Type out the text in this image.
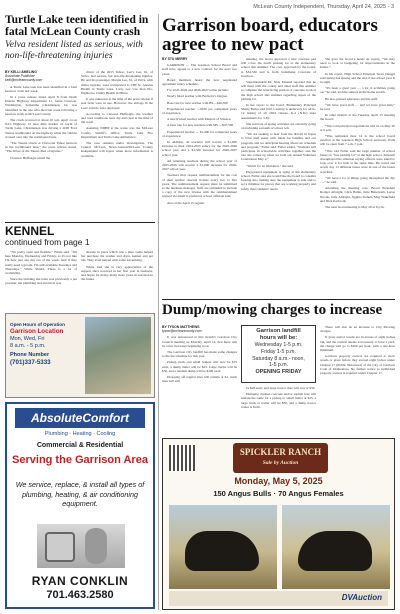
McLean County Independent, Thursday, April 24, 2025 - 3
Turtle Lake teen identified in fatal McLean County crash
Velva resident listed as serious, with non-life-threatening injuries
BY KELLI AMELING
Associate Publisher
kelli@mcleancounty.com

A Turtle Lake teen has been identified in a fatal head-on crash last week.

In a press release dated April 8 from North Dakota Highway Department Lt. Jenna Clawson, Washington, Samantha Christiansen, 19, was identified as the one who died last week following a head-on crash in McLean County.

The crash occurred at about 10 a.m. April 14 on N.D. Highway 41 near mile marker 41 north of Turtle Lake. Christiansen was driving a 2005 Ford Taurus southbound on the highway when the vehicle crossed over into the northbound lane.

“The Taurus struck at Chevrolet Tahoe head-on in the northbound lane,” the press release stated. “The driver of the Taurus died of injuries.”

Clawson Huffnagle stated the

driver of the 2015 Tahoe, Larry Lee, 61, of Velva, had serious, but non-life-threatening injuries. He and his passenger, Margie Lee, 61, of Velva, with minor injuries, were transported to CHI St. Alexius Health in Turtle Lake. Larry Lee was then life-flighted to Trinity Health in Minot.

It was unknown at the time of the press release if seat belts were in use. However, the airbags in the Lees' vehicle were deployed.

According to Clawson Huffnagle, the weather and road conditions were dry and clear at the time of the crash.

Assisting NDHP at the scene was the McLean County Sheriff's Office, Turtle Lake Fire Department and Turtle Lake Ambulance.

The case remains under investigation. The Central McLean News-Journal/McLean County Independent will report when more information is available.

KENNEL
continued from page 1

“I'm pretty open and flexible,” White said. “I'm here Monday, Wednesday and Friday, so it's not like I'm here just one day out of the week. And if they really need a groom, I'm still available Tuesdays and Thursdays.” While Shield, There is a lot of availability.

Since the building she rents was previously a pet groomer, the plumbing and electrical was

already in place which was a plus. Gaila helped her purchase the washer and dryer, kennel and pet tub. They even helped with some advertising.

White said she is very appreciative of the support she's received in her first year in business, and hopes for many, many more years in Garrison in the future.

Open Hours of Operation
Garrison Location
Mon, Wed, Fri
8 a.m. - 5 p.m.
Phone Number
(701)337-5333
AbsoluteComfort
Plumbing · Heating · Cooling
Commercial & Residential
Serving the Garrison Area
We service, replace, & install all types of plumbing, heating, & air conditioning equipment.
RYAN CONKLIN
701.463.2580
Garrison board, educators agree to new pact
BY STU MERRY

GARRISON — The Garrison School Board and staff have agreed to a new contract for the next two years.

Board members heard the new negotiated agreement salary schedule.

For 2025-2026 and 2026-2027 terms include:

Newly hired teacher with Bachelor's Degree.

Base rate for new teacher with BS—$46,500

Experienced teacher —$100 per completed years of experience.

A newly hired teacher with Masters of Science.

A base rate for new teachers with MS —$47,500

Experienced teacher — $1,400 for completed years of experience.

In addition, all teachers will receive a $1,000 increase to their 2024-2025 salary for the 2025-2026 school year and a $1,500 increase for 2026-2027 school year.

All returning teachers during the school year of 2025-2026 will receive a $1,000 increase for 2026-2027 school year.

Teachers may request reimbursement for the cost of their teacher renewal license every two to five years. The reimbursement request must be submitted to the business manager. Staff are reminded to include a copy of the new license with the reimbursement request via email is preferred, school officials said.

Also at the April 15 regular

meeting, the board approved a new concrete pad will cover the north parking lot at the elementary school this summer. The cost, approved by the board, is $34,530 and is from Schumaier Concrete of Garrison.

Superintendent Dr. Nick Kinsted reported that he will meet with the county and other staff this summer to complete the resurfacing portion of concrete work at the high school this summer regarding repair of the parking lot.

In her report to the board, Elementary Principal Shelly Fuller said N.D.'s testing is underway for all K-12 testing of all 2024 classes, K-2 (N.D.) state assessments for 3-8).

She said lots of spring activities are currently going on including a month of school left.

“We are seeking to hear from the district in hopes to have staff assist with funds for families and our program, and we anticipate hearing about our schedule and program,” Fuller said. Fuller added, “Students will participate in schoolwide activities together, and the last one comes up when we hold our annual Volunteer Celebration May 2.”

“Watch for an invitation,” she said.

Playground equipment is aging at the elementary school. Fuller said she would like the board to consider looking into making sure the equipment is safe and to set a timeline for pieces that are working properly and safely meet students' needs.

She gave the board a heads up saying, “We may need to look at budgeting for improvements in the future.”

In his report, High School Principal Steve Dangel said spring has sprung and the end of the school year is in sight.

“It's been a great year … a lot of activities going on,” he said, and the seniors in the home stretch.

He also praised educators and his staff.

“We have great staff … and we have great kids,” he said.

In other matters at the Tuesday, April 15 meeting the board:

*Was told principal negotiations will be on May 20 at 6 p.m.

*Was reminded June 14 is the school board election at the Garrison High School restroom. Polls will be open from 7 a.m.-7 p.m.

*Was told Fuller said the large number of school buses on “bus parking lot” at the high school. Kinstedt downplayed the situation saying officers were asked to look over it for kids at the same time. He noted one recent day 13 different buses were in one of the buses activities.

“We have a lot of things going throughout the day …,” he said.

Attending the meeting was: Board President Rodger Albright, Chris Baller, Julie Bettenrath, Lucas Novak, Julie Albright, Jiggins Staheli, Meg Wakefield and Dick Kerbroth.

The next board meeting is May 20 at 6 p.m.

Dump/mowing charges to increase
BY TYSON MATTHEWS
tyson@mcleancounty.com

It was announced at this month's Garrison City Council meeting on Monday, April 14, that there will be a few increases beginning soon.

The Garrison City landfill has made some changes to the fee schedule for this year.

Pickup truck and small trailers will now be $15 each, a dump trailer will be $25. Large trucks will be $50, and a tandem dump will be $200 each.

Dropping off regular tires will remain at $1, truck tires will still

Garrison landfill
hours will be:
Wednesday 1-5 p.m.
Friday 1-5 p.m.
Saturday 8 a.m.- noon,
1-5 p.m.
OPENING FRIDAY

be $20 each, and large tractor tires will stay at $30.

Dumping crushed concrete and/or asphalt fees will remain the same for a pickup or small trailer at $25, a large truck or trailer will be $50, and a dump tractor trailer is $100.

There will also be an increase to City Mowing charges.

If grass and/or weeds are in excess of eight inches tall, and the council deems it necessary to have a yard, the charge will go to $200 per hour, with a one-hour minimum.

Garrison property owners are required to mow weeds or grass before they exceed eight inches under Chapter 17 (Public Nuisances) of the City of Garrison Code of Ordinances. No further notice to individual property owners is required under Chapter 17.

SPICKLER RANCH
Sale by Auction
Monday, May 5, 2025
150 Angus Bulls · 70 Angus Females
DVAuction
